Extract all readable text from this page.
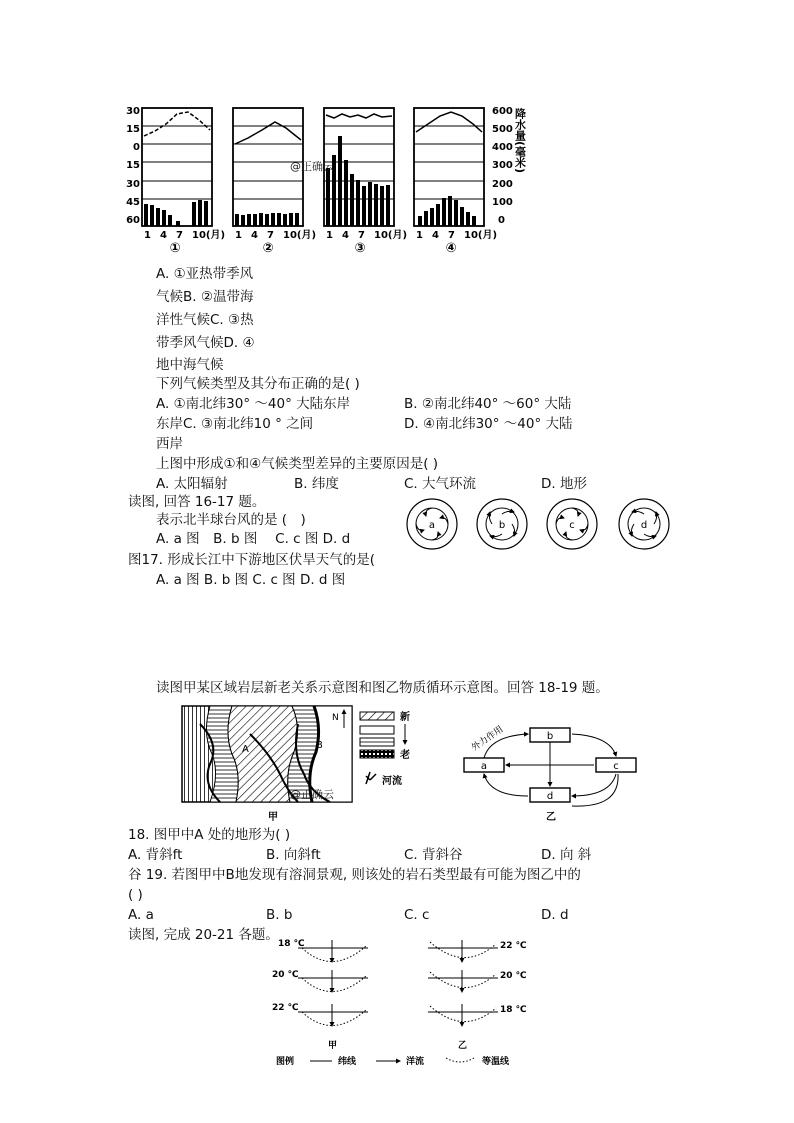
30
15
0
15
30
45
60
600
500
400
300
200
100
0
降水量(毫米)
@正确云
1 4 7 10(月) 1 4 7 10(月) 1 4 7 10(月) 1 4 7 10(月)
①	②	③	④
A. ①亚热带季风
气候B. ②温带海
洋性气候C. ③热
带季风气候D. ④
地中海气候
下列气候类型及其分布正确的是( )
A. ①南北纬30° ～40° 大陆东岸	B. ②南北纬40° ～60° 大陆
东岸C. ③南北纬10 ° 之间	D. ④南北纬30° ～40° 大陆
西岸
上图中形成①和④气候类型差异的主要原因是( )
A. 太阳辐射	B. 纬度	C. 大气环流	D. 地形
读图, 回答 16-17 题。
表示北半球台风的是 (　)
A. a 图　B. b 图　 C. c 图 D. d
图17. 形成长江中下游地区伏旱天气的是(
A. a 图 B. b 图 C. c 图 D. d 图
a	b	c	d
读图甲某区域岩层新老关系示意图和图乙物质循环示意图。回答 18-19 题。
A	B
N	新
老
河流
@正确云
甲
b
a	c
d
外力作用
乙
18. 图甲中A 处的地形为( )
A. 背斜ft	B. 向斜ft	C. 背斜谷	D. 向 斜
谷 19. 若图甲中B地发现有溶洞景观, 则该处的岩石类型最有可能为图乙中的
( )
A. a	B. b	C. c	D. d
读图, 完成 20-21 各题。
18 ℃
20 ℃
22 ℃
甲
22 ℃
20 ℃
18 ℃
乙
图例	纬线	洋流	等温线
